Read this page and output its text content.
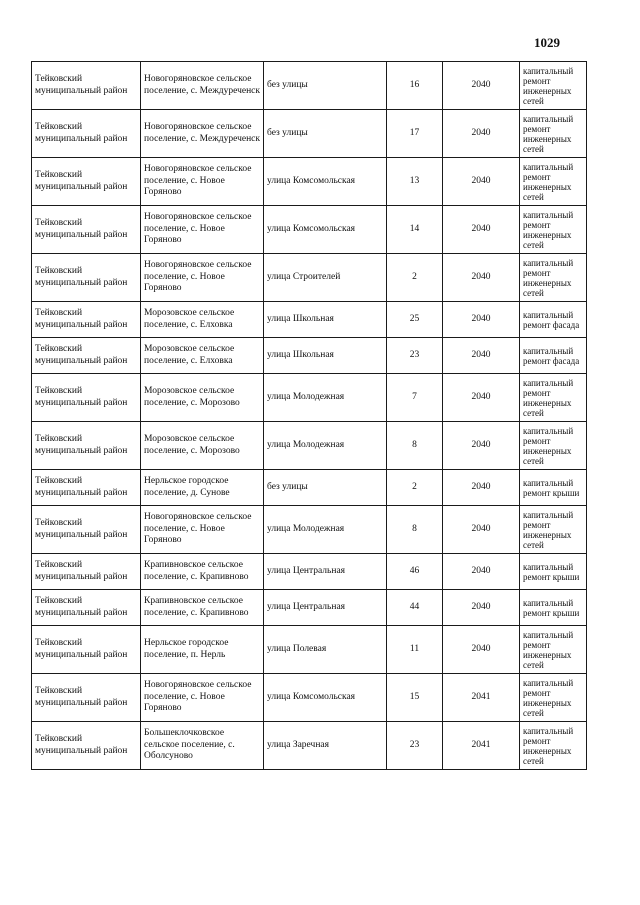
1029
Тейковский муниципальный район	Новогоряновское сельское поселение, с. Междуреченск	без улицы	16	2040	капитальный ремонт инженерных сетей
Тейковский муниципальный район	Новогоряновское сельское поселение, с. Междуреченск	без улицы	17	2040	капитальный ремонт инженерных сетей
Тейковский муниципальный район	Новогоряновское сельское поселение, с. Новое Горяново	улица Комсомольская	13	2040	капитальный ремонт инженерных сетей
Тейковский муниципальный район	Новогоряновское сельское поселение, с. Новое Горяново	улица Комсомольская	14	2040	капитальный ремонт инженерных сетей
Тейковский муниципальный район	Новогоряновское сельское поселение, с. Новое Горяново	улица Строителей	2	2040	капитальный ремонт инженерных сетей
Тейковский муниципальный район	Морозовское сельское поселение, с. Елховка	улица Школьная	25	2040	капитальный ремонт фасада
Тейковский муниципальный район	Морозовское сельское поселение, с. Елховка	улица Школьная	23	2040	капитальный ремонт фасада
Тейковский муниципальный район	Морозовское сельское поселение, с. Морозово	улица Молодежная	7	2040	капитальный ремонт инженерных сетей
Тейковский муниципальный район	Морозовское сельское поселение, с. Морозово	улица Молодежная	8	2040	капитальный ремонт инженерных сетей
Тейковский муниципальный район	Нерльское городское поселение, д. Сунове	без улицы	2	2040	капитальный ремонт крыши
Тейковский муниципальный район	Новогоряновское сельское поселение, с. Новое Горяново	улица Молодежная	8	2040	капитальный ремонт инженерных сетей
Тейковский муниципальный район	Крапивновское сельское поселение, с. Крапивново	улица Центральная	46	2040	капитальный ремонт крыши
Тейковский муниципальный район	Крапивновское сельское поселение, с. Крапивново	улица Центральная	44	2040	капитальный ремонт крыши
Тейковский муниципальный район	Нерльское городское поселение, п. Нерль	улица Полевая	11	2040	капитальный ремонт инженерных сетей
Тейковский муниципальный район	Новогоряновское сельское поселение, с. Новое Горяново	улица Комсомольская	15	2041	капитальный ремонт инженерных сетей
Тейковский муниципальный район	Большеклочковское сельское поселение, с. Оболсуново	улица Заречная	23	2041	капитальный ремонт инженерных сетей
